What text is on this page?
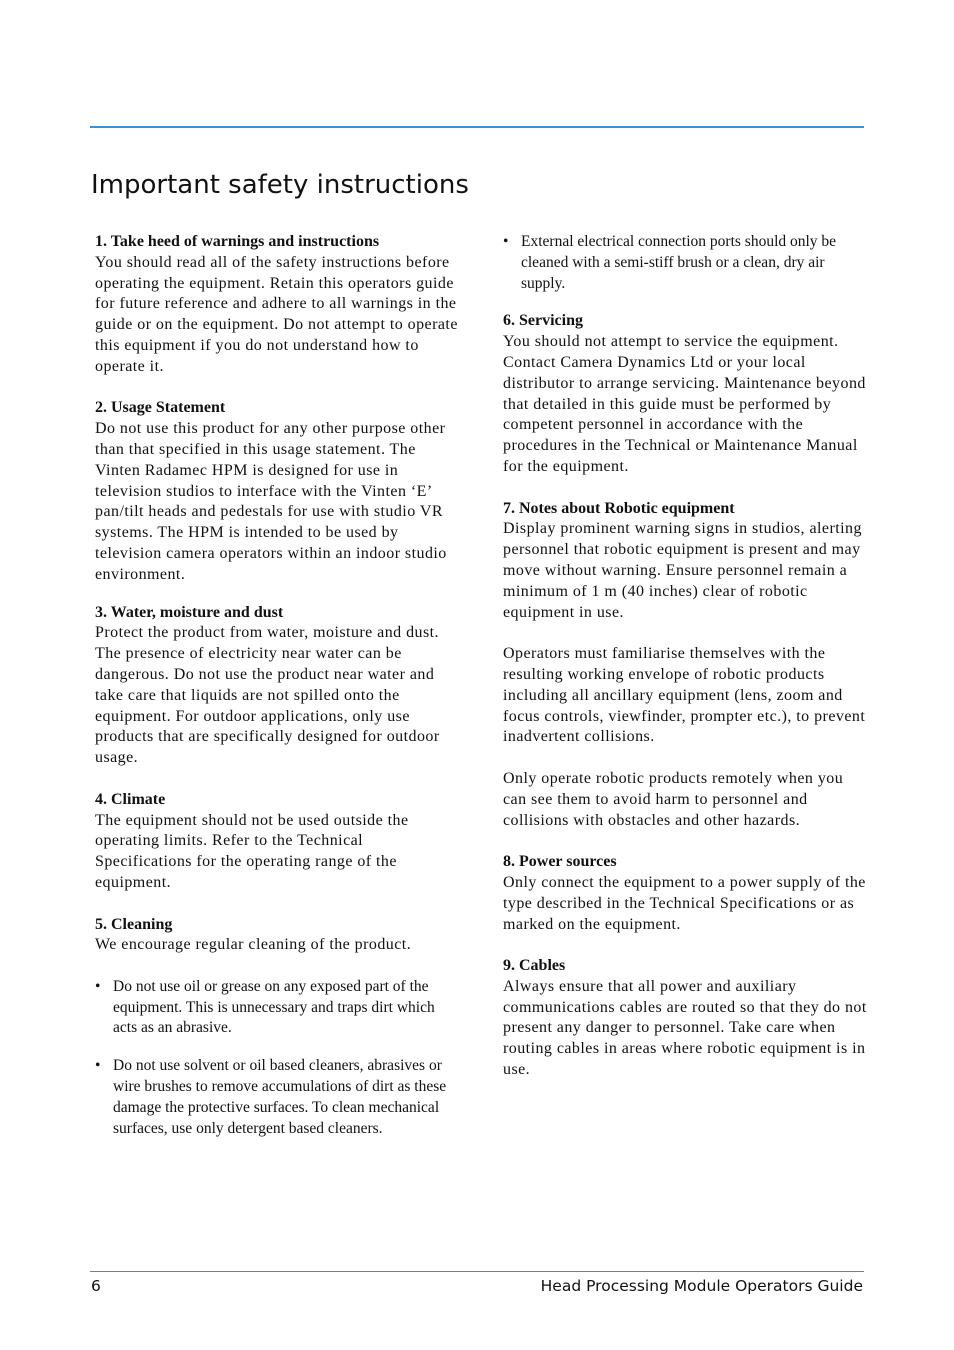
Important safety instructions

1. Take heed of warnings and instructions

You should read all of the safety instructions before operating the equipment. Retain this operators guide for future reference and adhere to all warnings in the guide or on the equipment. Do not attempt to operate this equipment if you do not understand how to operate it.

2. Usage Statement

Do not use this product for any other purpose other than that specified in this usage statement. The Vinten Radamec HPM is designed for use in television studios to interface with the Vinten ‘E’ pan/tilt heads and pedestals for use with studio VR systems. The HPM is intended to be used by television camera operators within an indoor studio environment.

3. Water, moisture and dust

Protect the product from water, moisture and dust. The presence of electricity near water can be dangerous. Do not use the product near water and take care that liquids are not spilled onto the equipment. For outdoor applications, only use products that are specifically designed for outdoor usage.

4. Climate

The equipment should not be used outside the operating limits. Refer to the Technical Specifications for the operating range of the equipment.

5. Cleaning

We encourage regular cleaning of the product.

• Do not use oil or grease on any exposed part of the equipment. This is unnecessary and traps dirt which acts as an abrasive.

• Do not use solvent or oil based cleaners, abrasives or wire brushes to remove accumulations of dirt as these damage the protective surfaces. To clean mechanical surfaces, use only detergent based cleaners.

• External electrical connection ports should only be cleaned with a semi-stiff brush or a clean, dry air supply.

6. Servicing

You should not attempt to service the equipment. Contact Camera Dynamics Ltd or your local distributor to arrange servicing. Maintenance beyond that detailed in this guide must be performed by competent personnel in accordance with the procedures in the Technical or Maintenance Manual for the equipment.

7. Notes about Robotic equipment

Display prominent warning signs in studios, alerting personnel that robotic equipment is present and may move without warning. Ensure personnel remain a minimum of 1 m (40 inches) clear of robotic equipment in use.

Operators must familiarise themselves with the resulting working envelope of robotic products including all ancillary equipment (lens, zoom and focus controls, viewfinder, prompter etc.), to prevent inadvertent collisions.

Only operate robotic products remotely when you can see them to avoid harm to personnel and collisions with obstacles and other hazards.

8. Power sources

Only connect the equipment to a power supply of the type described in the Technical Specifications or as marked on the equipment.

9. Cables

Always ensure that all power and auxiliary communications cables are routed so that they do not present any danger to personnel. Take care when routing cables in areas where robotic equipment is in use.

6	Head Processing Module Operators Guide
